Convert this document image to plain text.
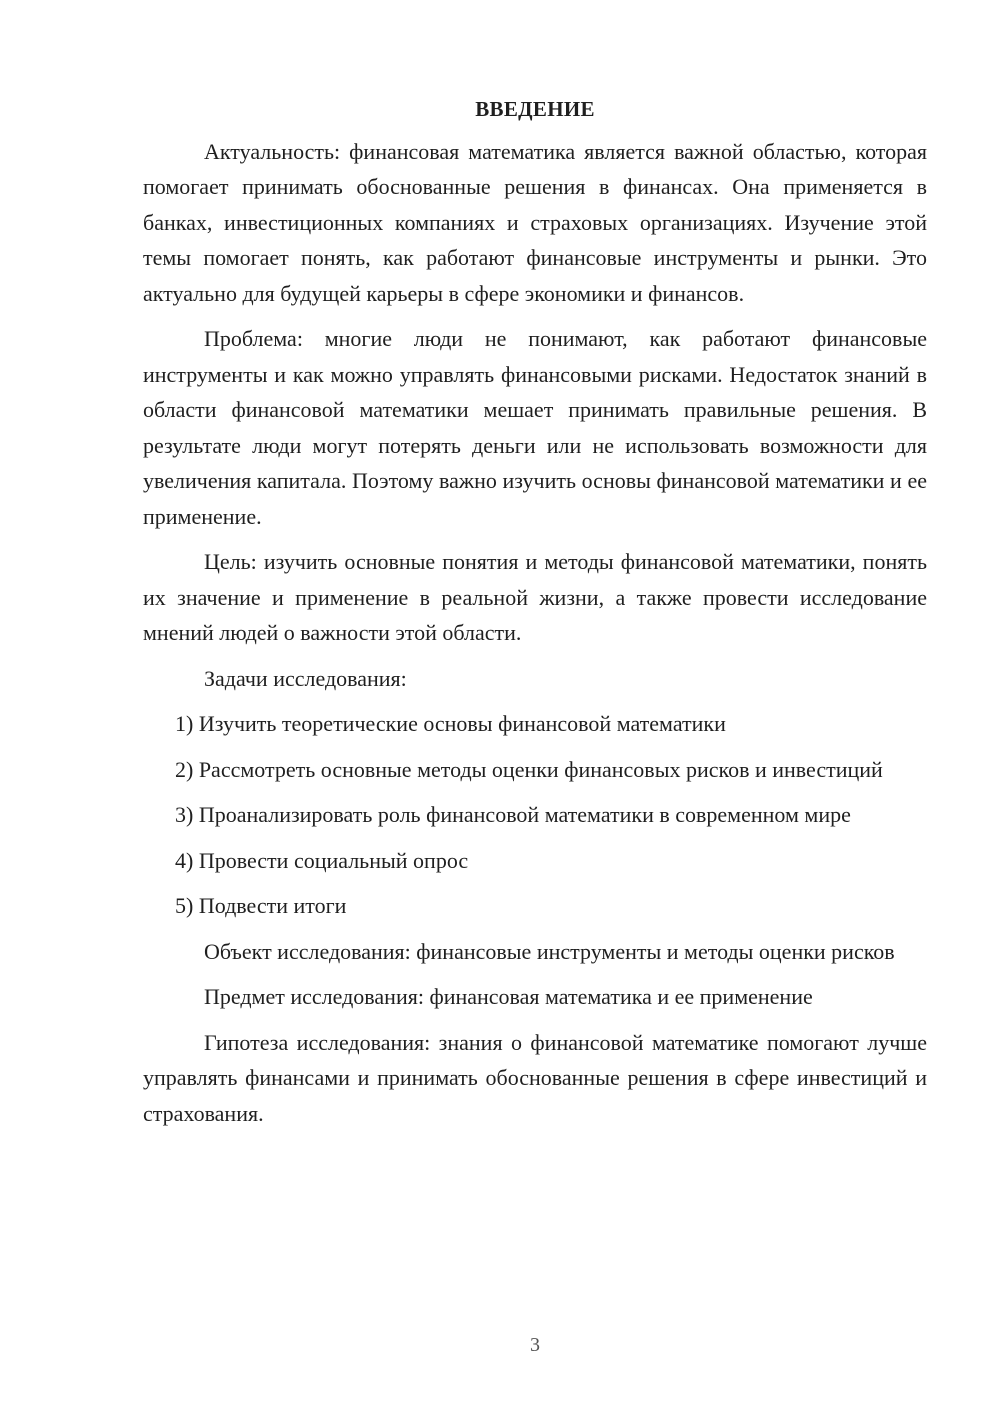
ВВЕДЕНИЕ

Актуальность: финансовая математика является важной областью, которая помогает принимать обоснованные решения в финансах. Она применяется в банках, инвестиционных компаниях и страховых организациях. Изучение этой темы помогает понять, как работают финансовые инструменты и рынки. Это актуально для будущей карьеры в сфере экономики и финансов.

Проблема: многие люди не понимают, как работают финансовые инструменты и как можно управлять финансовыми рисками. Недостаток знаний в области финансовой математики мешает принимать правильные решения. В результате люди могут потерять деньги или не использовать возможности для увеличения капитала. Поэтому важно изучить основы финансовой математики и ее применение.

Цель: изучить основные понятия и методы финансовой математики, понять их значение и применение в реальной жизни, а также провести исследование мнений людей о важности этой области.

Задачи исследования:

1) Изучить теоретические основы финансовой математики

2) Рассмотреть основные методы оценки финансовых рисков и инвестиций

3) Проанализировать роль финансовой математики в современном мире

4) Провести социальный опрос

5) Подвести итоги

Объект исследования: финансовые инструменты и методы оценки рисков

Предмет исследования: финансовая математика и ее применение

Гипотеза исследования: знания о финансовой математике помогают лучше управлять финансами и принимать обоснованные решения в сфере инвестиций и страхования.

3
